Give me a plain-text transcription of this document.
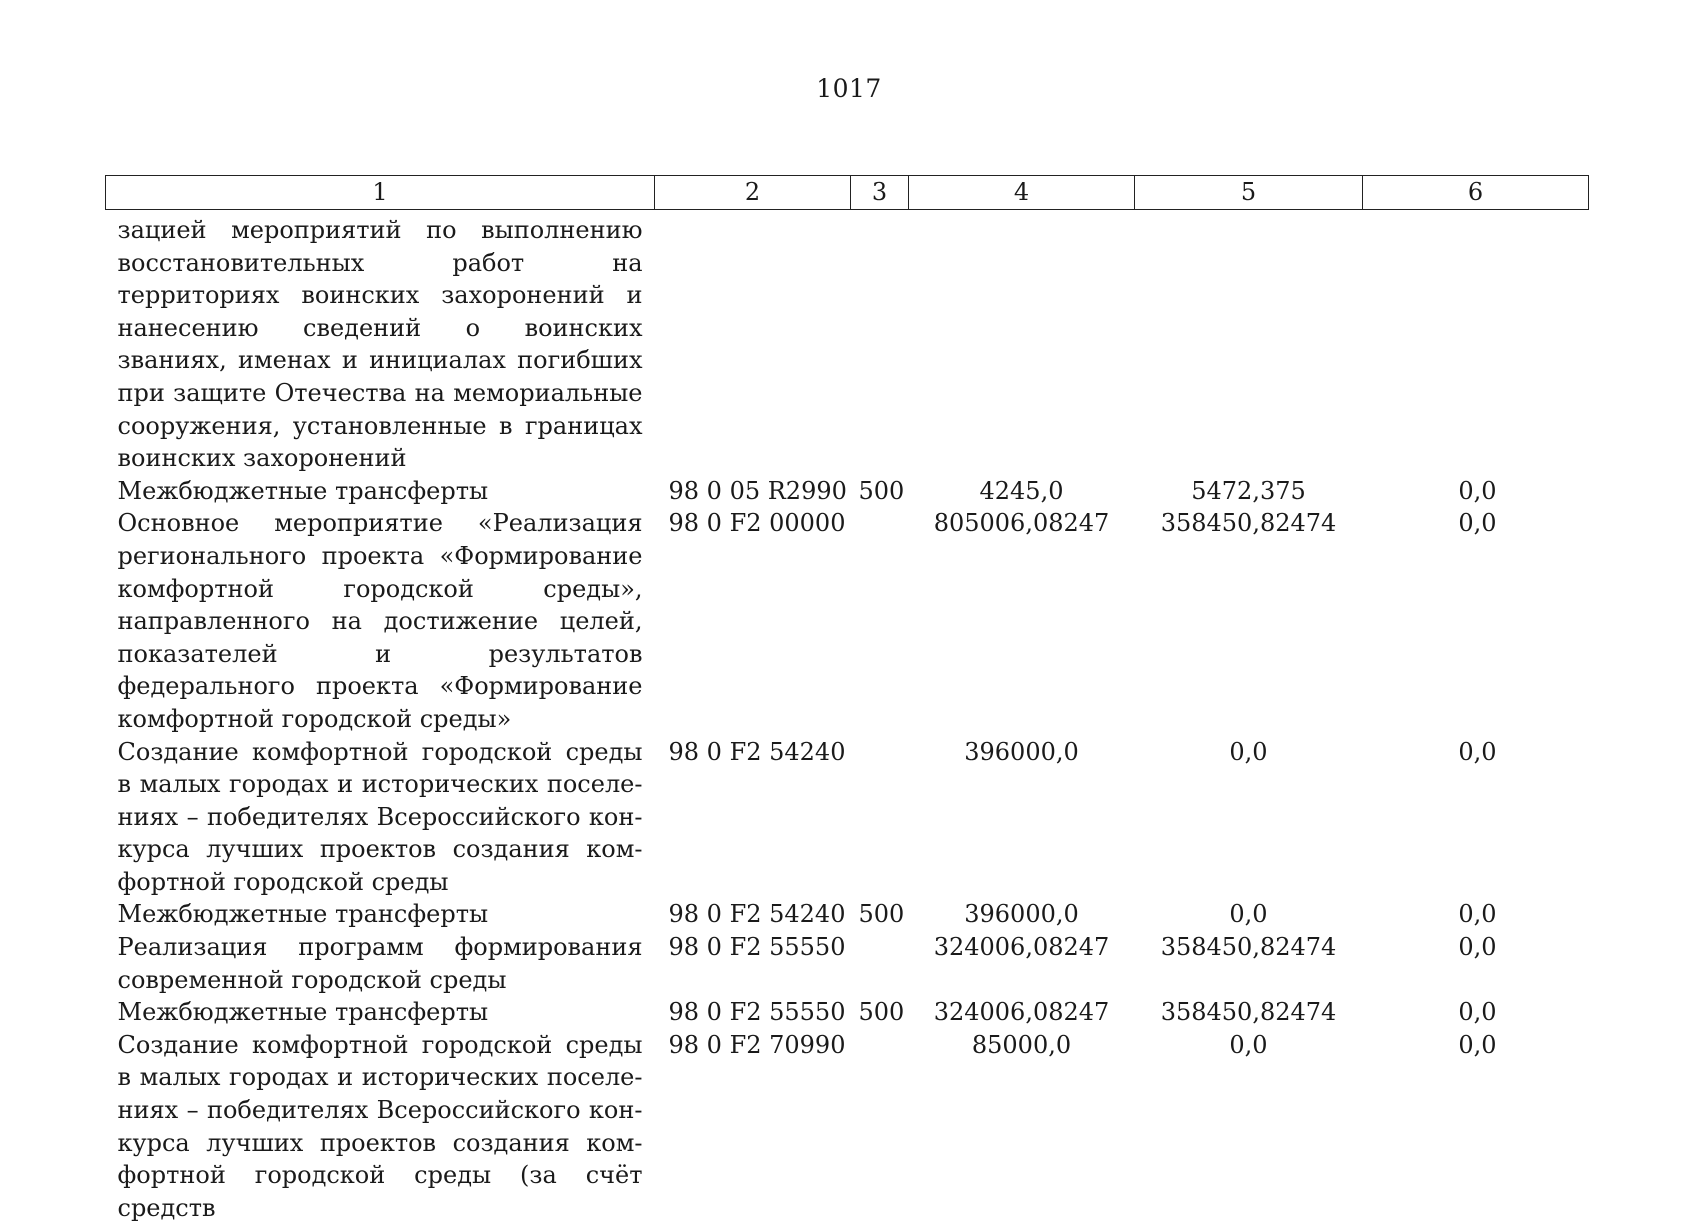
1017
1	2	3	4	5	6
зацией мероприятий по выполнению восстановительных работ на территориях воинских захоронений и нанесению сведений о воинских званиях, именах и инициалах погибших при защите Отечества на мемориальные сооружения, установленные в границах воинских захоронений					
Межбюджетные трансферты	98 0 05 R2990	500	4245,0	5472,375	0,0
Основное мероприятие «Реализация регионального проекта «Формирование комфортной городской среды», направленного на достижение целей, показателей и результатов федерального проекта «Формирование комфортной городской среды»	98 0 F2 00000		805006,08247	358450,82474	0,0
Создание комфортной городской среды в малых городах и исторических поселениях – победителях Всероссийского конкурса лучших проектов создания комфортной городской среды	98 0 F2 54240		396000,0	0,0	0,0
Межбюджетные трансферты	98 0 F2 54240	500	396000,0	0,0	0,0
Реализация программ формирования современной городской среды	98 0 F2 55550		324006,08247	358450,82474	0,0
Межбюджетные трансферты	98 0 F2 55550	500	324006,08247	358450,82474	0,0
Создание комфортной городской среды в малых городах и исторических поселениях – победителях Всероссийского конкурса лучших проектов создания комфортной городской среды (за счёт средств	98 0 F2 70990		85000,0	0,0	0,0
